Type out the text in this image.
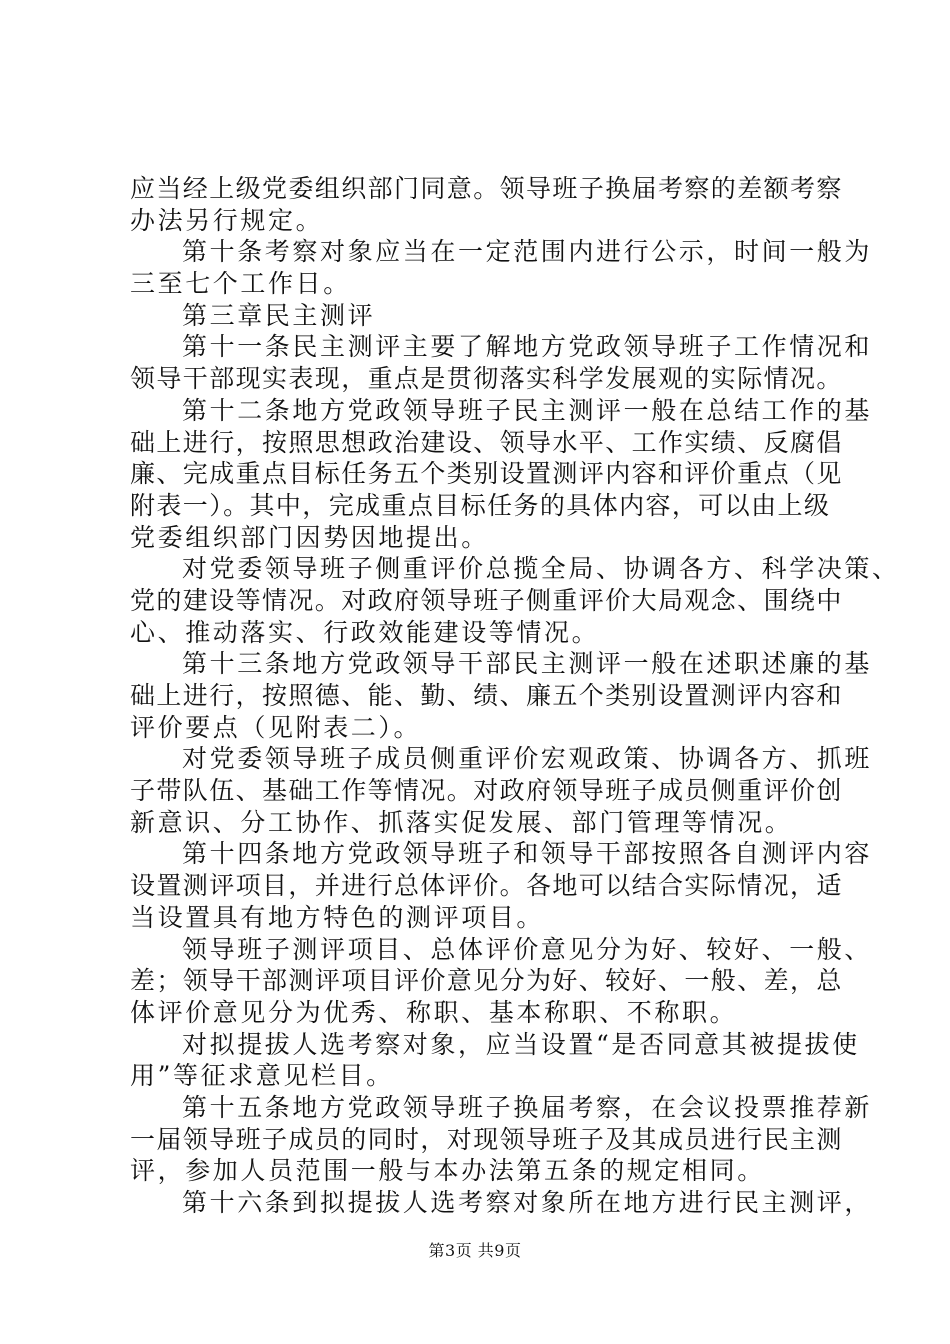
应当经上级党委组织部门同意。领导班子换届考察的差额考察
办法另行规定。
第十条考察对象应当在一定范围内进行公示，时间一般为
三至七个工作日。
第三章民主测评
第十一条民主测评主要了解地方党政领导班子工作情况和
领导干部现实表现，重点是贯彻落实科学发展观的实际情况。
第十二条地方党政领导班子民主测评一般在总结工作的基
础上进行，按照思想政治建设、领导水平、工作实绩、反腐倡
廉、完成重点目标任务五个类别设置测评内容和评价重点（见
附表一）。其中，完成重点目标任务的具体内容，可以由上级
党委组织部门因势因地提出。
对党委领导班子侧重评价总揽全局、协调各方、科学决策、
党的建设等情况。对政府领导班子侧重评价大局观念、围绕中
心、推动落实、行政效能建设等情况。
第十三条地方党政领导干部民主测评一般在述职述廉的基
础上进行，按照德、能、勤、绩、廉五个类别设置测评内容和
评价要点（见附表二）。
对党委领导班子成员侧重评价宏观政策、协调各方、抓班
子带队伍、基础工作等情况。对政府领导班子成员侧重评价创
新意识、分工协作、抓落实促发展、部门管理等情况。
第十四条地方党政领导班子和领导干部按照各自测评内容
设置测评项目，并进行总体评价。各地可以结合实际情况，适
当设置具有地方特色的测评项目。
领导班子测评项目、总体评价意见分为好、较好、一般、
差；领导干部测评项目评价意见分为好、较好、一般、差，总
体评价意见分为优秀、称职、基本称职、不称职。
对拟提拔人选考察对象，应当设置“是否同意其被提拔使
用”等征求意见栏目。
第十五条地方党政领导班子换届考察，在会议投票推荐新
一届领导班子成员的同时，对现领导班子及其成员进行民主测
评，参加人员范围一般与本办法第五条的规定相同。
第十六条到拟提拔人选考察对象所在地方进行民主测评，
第3页 共9页
